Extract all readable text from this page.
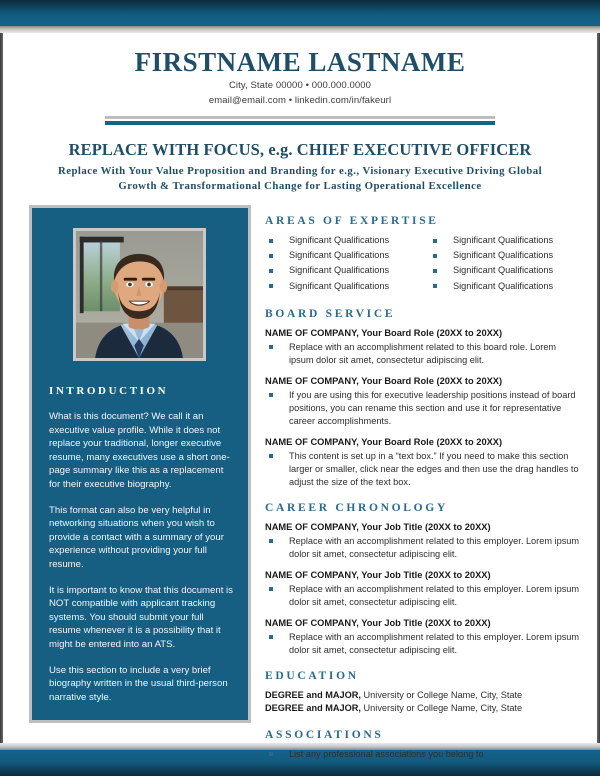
FIRSTNAME LASTNAME
City, State 00000 • 000.000.0000
email@email.com • linkedin.com/in/fakeurl
REPLACE WITH FOCUS, e.g. CHIEF EXECUTIVE OFFICER
Replace With Your Value Proposition and Branding for e.g., Visionary Executive Driving Global Growth & Transformational Change for Lasting Operational Excellence
INTRODUCTION

What is this document? We call it an executive value profile. While it does not replace your traditional, longer executive resume, many executives use a short one-page summary like this as a replacement for their executive biography.

This format can also be very helpful in networking situations when you wish to provide a contact with a summary of your experience without providing your full resume.

It is important to know that this document is NOT compatible with applicant tracking systems. You should submit your full resume whenever it is a possibility that it might be entered into an ATS.

Use this section to include a very brief biography written in the usual third-person narrative style.

AREAS OF EXPERTISE
Significant Qualifications
Significant Qualifications
Significant Qualifications
Significant Qualifications
Significant Qualifications
Significant Qualifications
Significant Qualifications
Significant Qualifications
BOARD SERVICE
NAME OF COMPANY, Your Board Role (20XX to 20XX)
Replace with an accomplishment related to this board role. Lorem ipsum dolor sit amet, consectetur adipiscing elit.
NAME OF COMPANY, Your Board Role (20XX to 20XX)
If you are using this for executive leadership positions instead of board positions, you can rename this section and use it for representative career accomplishments.
NAME OF COMPANY, Your Board Role (20XX to 20XX)
This content is set up in a “text box.” If you need to make this section larger or smaller, click near the edges and then use the drag handles to adjust the size of the text box.
CAREER CHRONOLOGY
NAME OF COMPANY, Your Job Title (20XX to 20XX)
Replace with an accomplishment related to this employer. Lorem ipsum dolor sit amet, consectetur adipiscing elit.
NAME OF COMPANY, Your Job Title (20XX to 20XX)
Replace with an accomplishment related to this employer. Lorem ipsum dolor sit amet, consectetur adipiscing elit.
NAME OF COMPANY, Your Job Title (20XX to 20XX)
Replace with an accomplishment related to this employer. Lorem ipsum dolor sit amet, consectetur adipiscing elit.
EDUCATION
DEGREE and MAJOR, University or College Name, City, State
DEGREE and MAJOR, University or College Name, City, State
ASSOCIATIONS
List any professional associations you belong to
